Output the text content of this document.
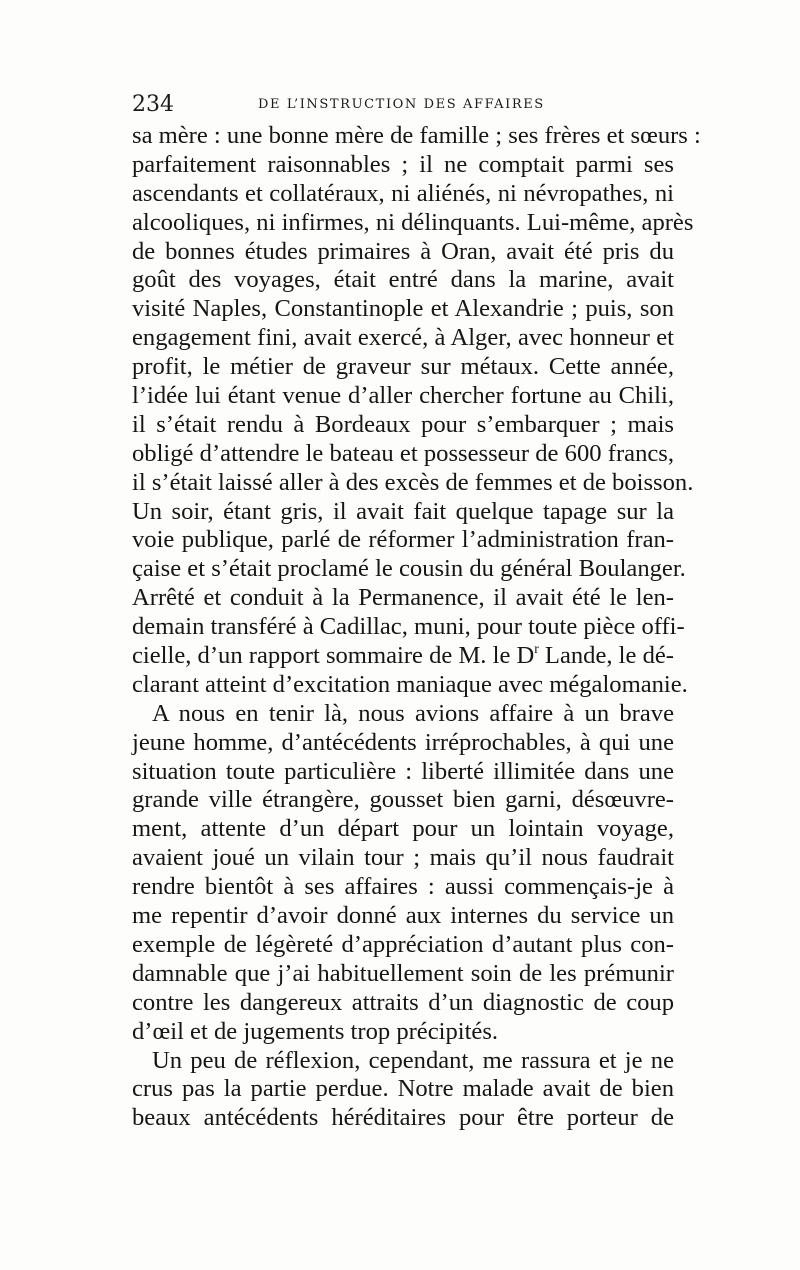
234	DE L’INSTRUCTION DES AFFAIRES
sa mère : une bonne mère de famille ; ses frères et sœurs :
parfaitement raisonnables ; il ne comptait parmi ses
ascendants et collatéraux, ni aliénés, ni névropathes, ni
alcooliques, ni infirmes, ni délinquants. Lui-même, après
de bonnes études primaires à Oran, avait été pris du
goût des voyages, était entré dans la marine, avait
visité Naples, Constantinople et Alexandrie ; puis, son
engagement fini, avait exercé, à Alger, avec honneur et
profit, le métier de graveur sur métaux. Cette année,
l’idée lui étant venue d’aller chercher fortune au Chili,
il s’était rendu à Bordeaux pour s’embarquer ; mais
obligé d’attendre le bateau et possesseur de 600 francs,
il s’était laissé aller à des excès de femmes et de boisson.
Un soir, étant gris, il avait fait quelque tapage sur la
voie publique, parlé de réformer l’administration fran-
çaise et s’était proclamé le cousin du général Boulanger.
Arrêté et conduit à la Permanence, il avait été le len-
demain transféré à Cadillac, muni, pour toute pièce offi-
cielle, d’un rapport sommaire de M. le $D^r$ Lande, le dé-
clarant atteint d’excitation maniaque avec mégalomanie.
A nous en tenir là, nous avions affaire à un brave
jeune homme, d’antécédents irréprochables, à qui une
situation toute particulière : liberté illimitée dans une
grande ville étrangère, gousset bien garni, désœuvre-
ment, attente d’un départ pour un lointain voyage,
avaient joué un vilain tour ; mais qu’il nous faudrait
rendre bientôt à ses affaires : aussi commençais-je à
me repentir d’avoir donné aux internes du service un
exemple de légèreté d’appréciation d’autant plus con-
damnable que j’ai habituellement soin de les prémunir
contre les dangereux attraits d’un diagnostic de coup
d’œil et de jugements trop précipités.
Un peu de réflexion, cependant, me rassura et je ne
crus pas la partie perdue. Notre malade avait de bien
beaux antécédents héréditaires pour être porteur de
